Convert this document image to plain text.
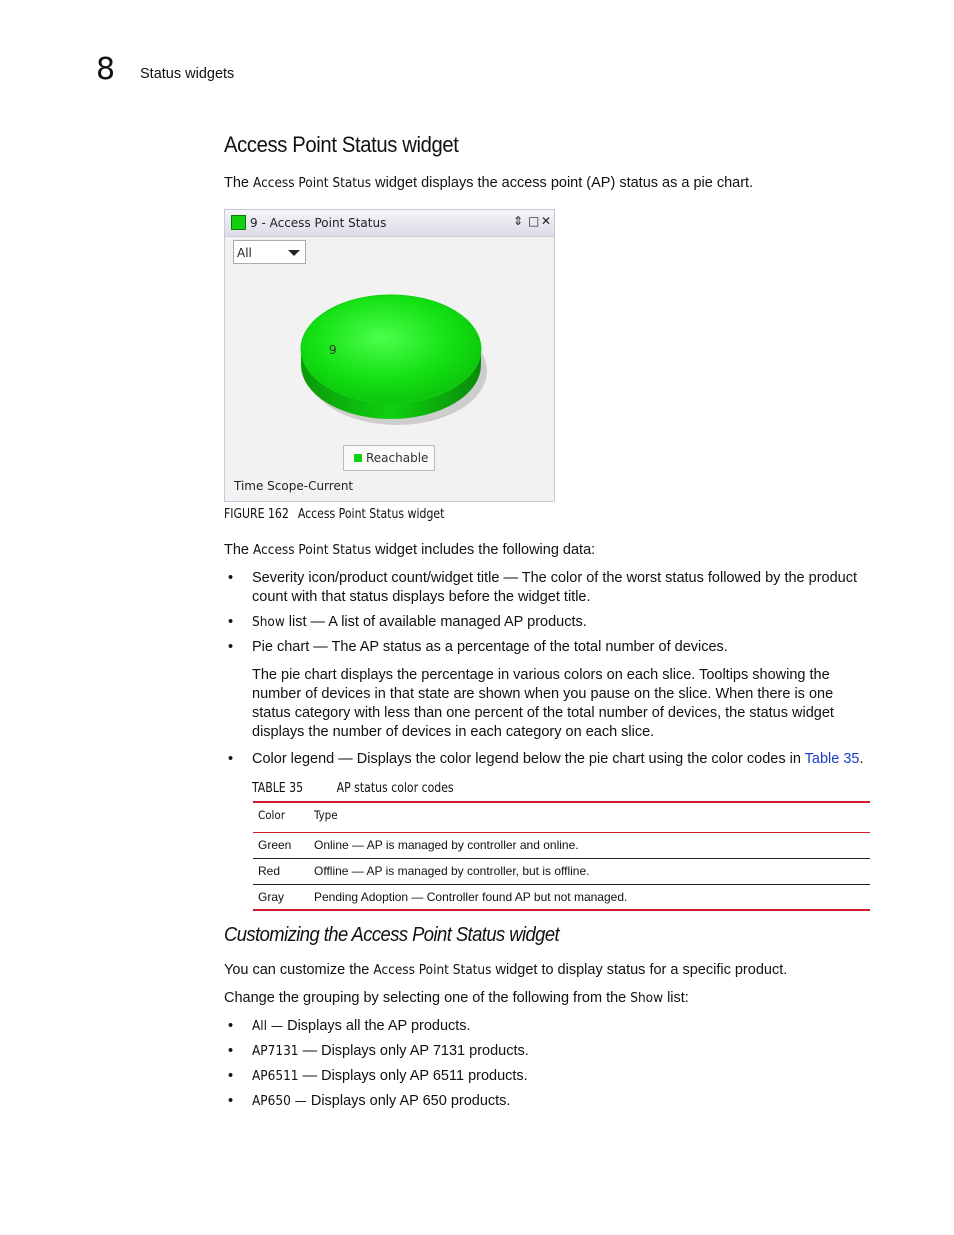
8 Status widgets
Access Point Status widget
The Access Point Status widget displays the access point (AP) status as a pie chart.
9 - Access Point Status	⇕ □ ✕
All
9
Reachable
Time Scope-Current
FIGURE 162 Access Point Status widget
The Access Point Status widget includes the following data:
• Severity icon/product count/widget title — The color of the worst status followed by the product count with that status displays before the widget title.
• Show list — A list of available managed AP products.
• Pie chart — The AP status as a percentage of the total number of devices.
The pie chart displays the percentage in various colors on each slice. Tooltips showing the number of devices in that state are shown when you pause on the slice. When there is one status category with less than one percent of the total number of devices, the status widget displays the number of devices in each category on each slice.
• Color legend — Displays the color legend below the pie chart using the color codes in Table 35.
TABLE 35 AP status color codes
Color	Type
Green	Online — AP is managed by controller and online.
Red	Offline — AP is managed by controller, but is offline.
Gray	Pending Adoption — Controller found AP but not managed.
Customizing the Access Point Status widget
You can customize the Access Point Status widget to display status for a specific product.
Change the grouping by selecting one of the following from the Show list:
• All — Displays all the AP products.
• AP7131 — Displays only AP 7131 products.
• AP6511 — Displays only AP 6511 products.
• AP650 — Displays only AP 650 products.
